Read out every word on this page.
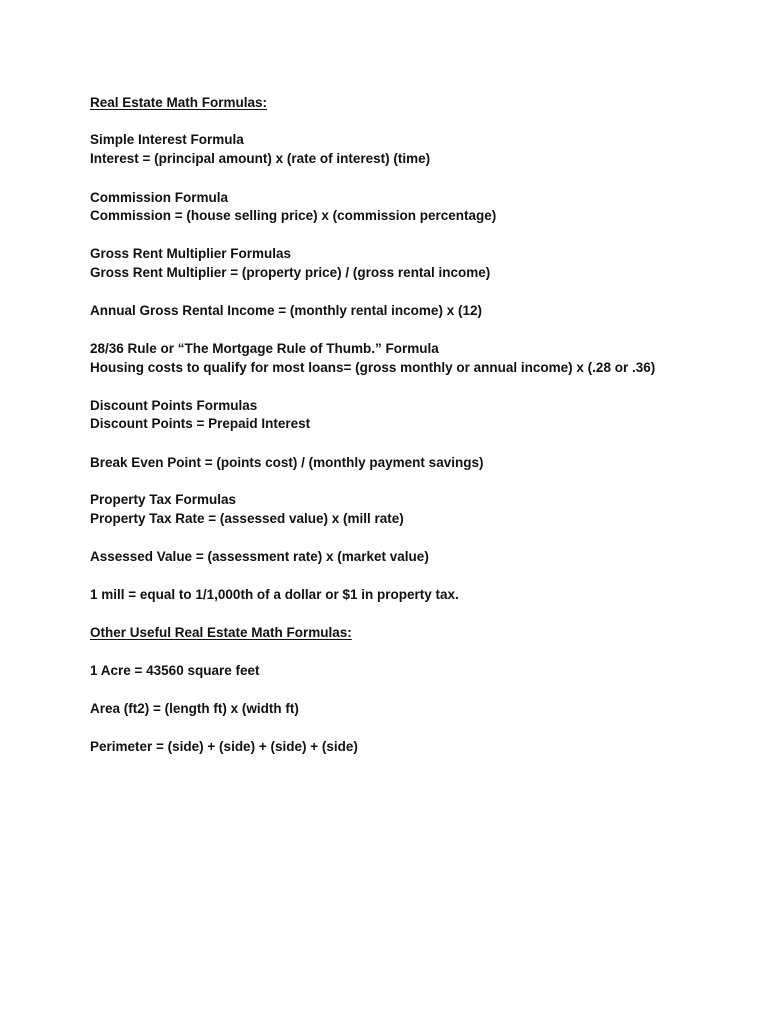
Real Estate Math Formulas:
Simple Interest Formula
Interest = (principal amount) x (rate of interest) (time)
Commission Formula
Commission = (house selling price) x (commission percentage)
Gross Rent Multiplier Formulas
Gross Rent Multiplier = (property price) / (gross rental income)
Annual Gross Rental Income = (monthly rental income) x (12)
28/36 Rule or “The Mortgage Rule of Thumb.” Formula
Housing costs to qualify for most loans= (gross monthly or annual income) x (.28 or .36)
Discount Points Formulas
Discount Points = Prepaid Interest
Break Even Point = (points cost) / (monthly payment savings)
Property Tax Formulas
Property Tax Rate = (assessed value) x (mill rate)
Assessed Value = (assessment rate) x (market value)
1 mill = equal to 1/1,000th of a dollar or $1 in property tax.
Other Useful Real Estate Math Formulas:
1 Acre = 43560 square feet
Area (ft2) = (length ft) x (width ft)
Perimeter = (side) + (side) + (side) + (side)
